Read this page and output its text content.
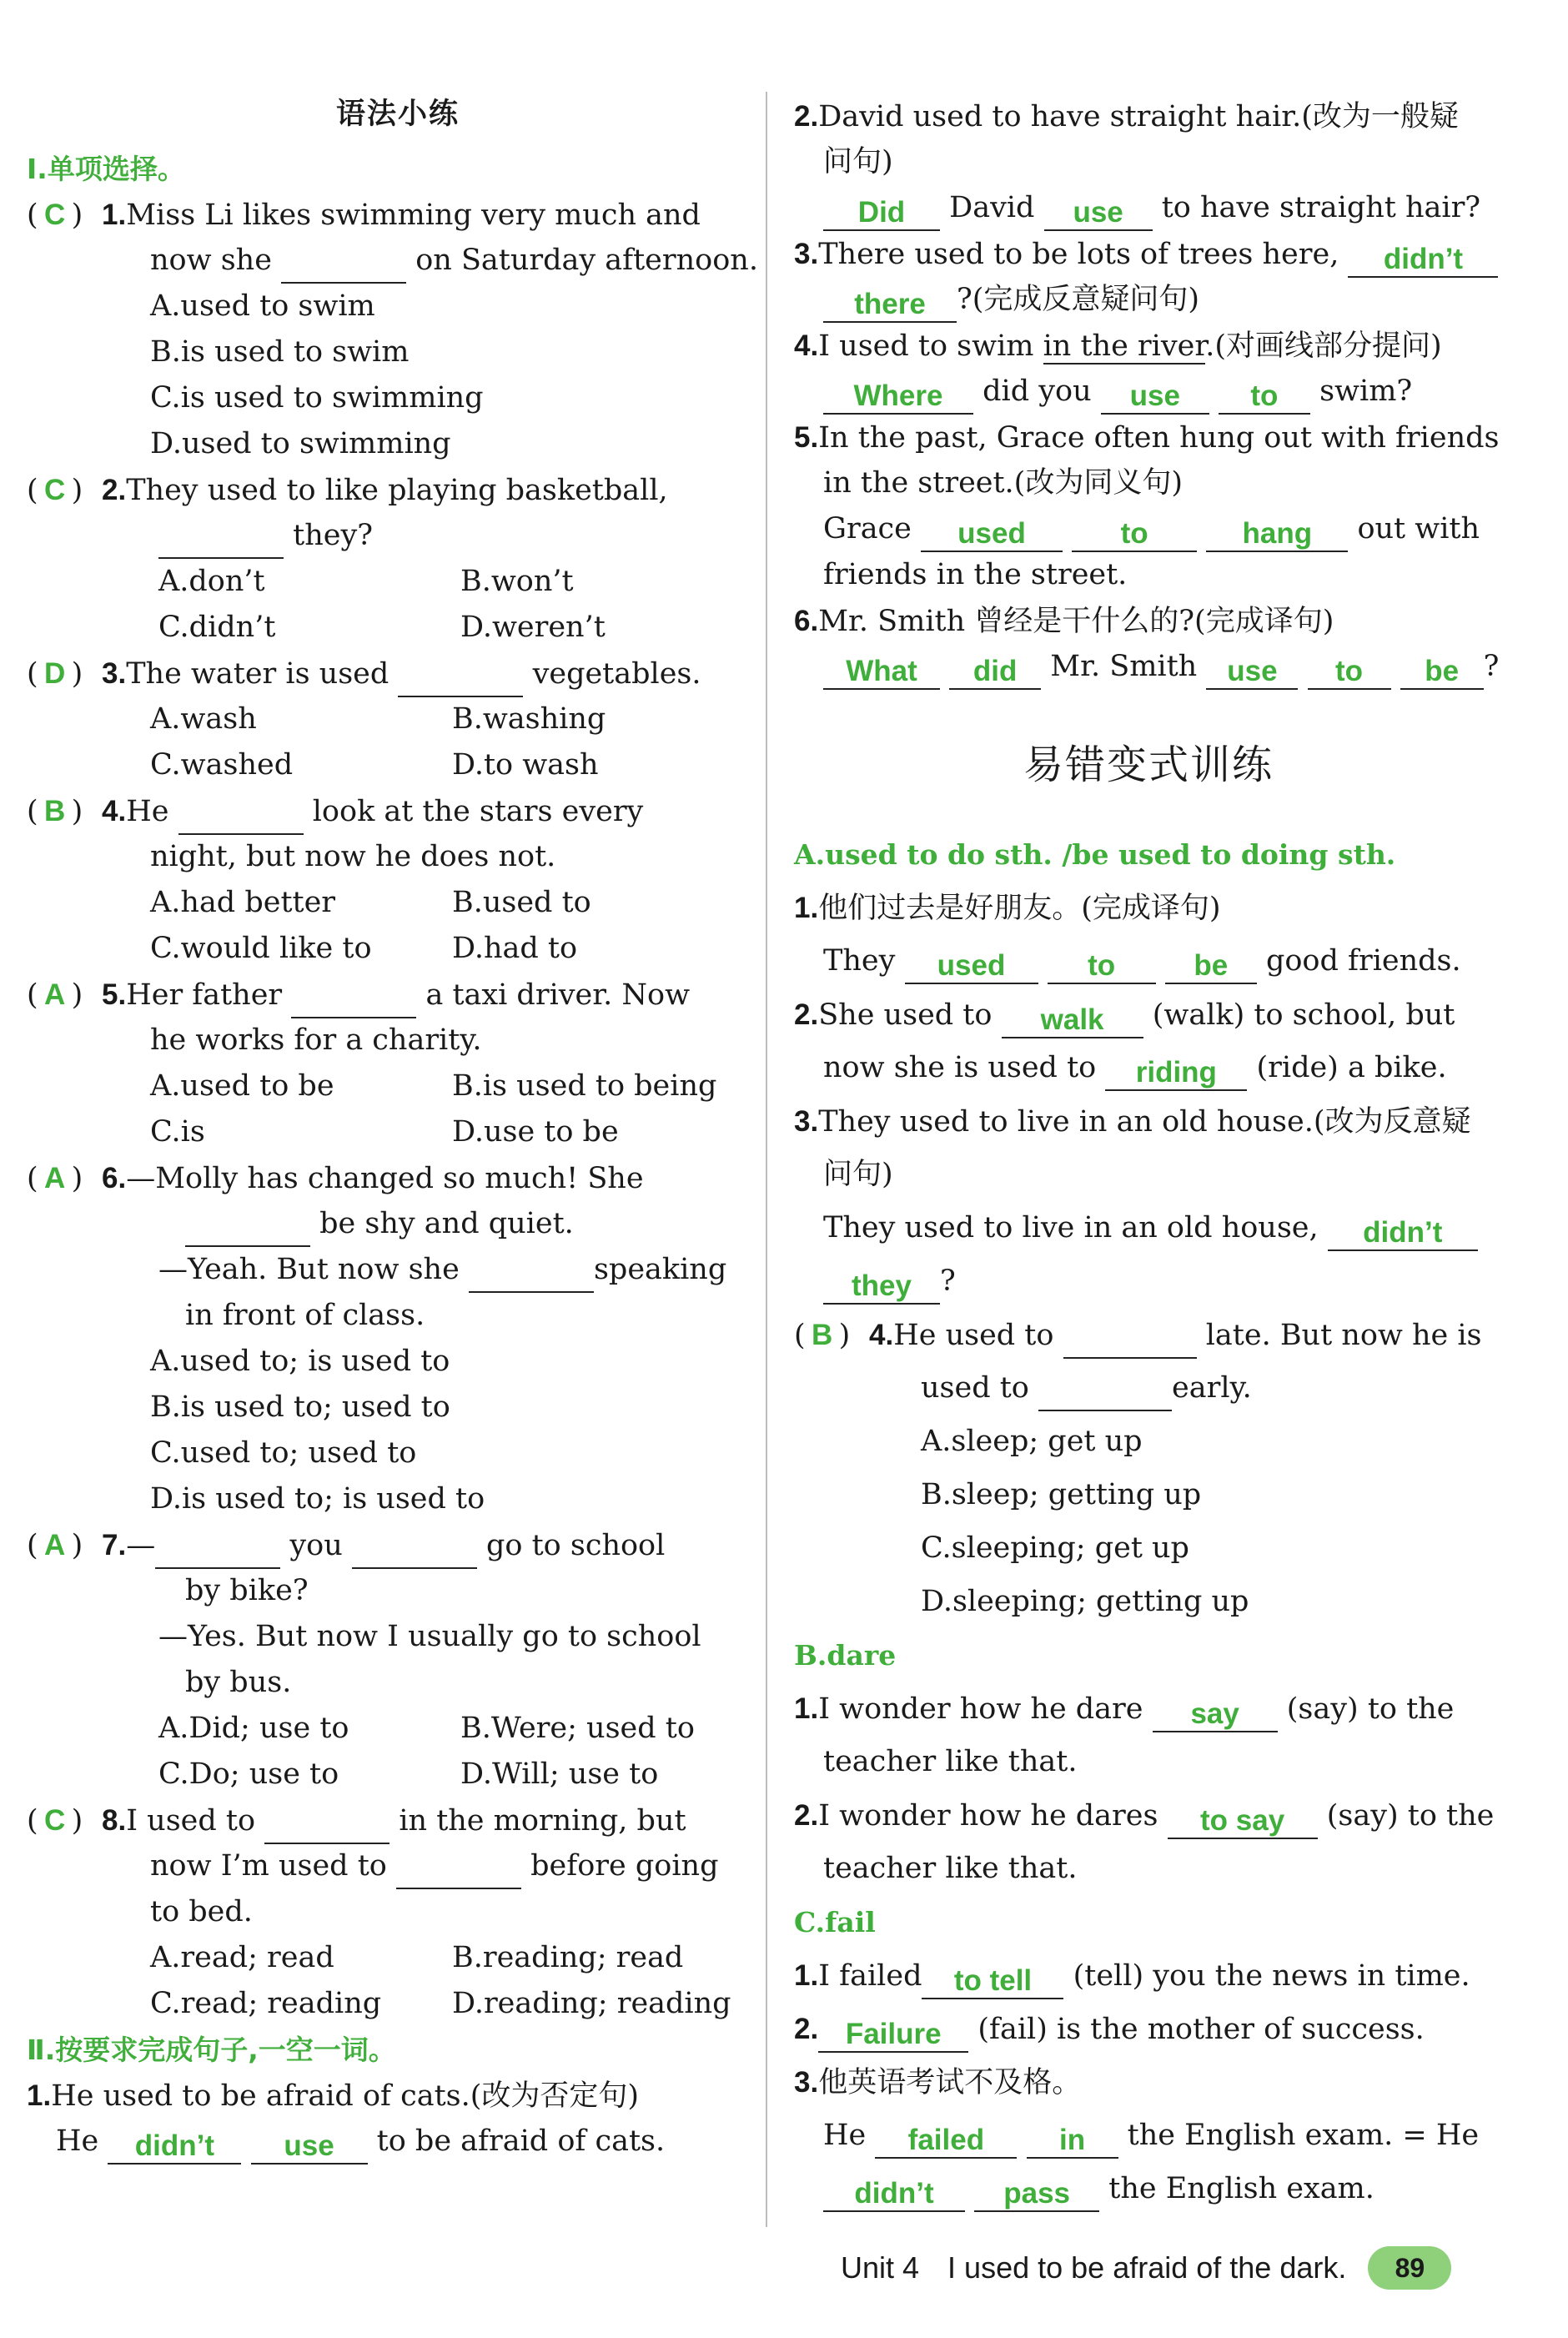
语法小练
Ⅰ.单项选择。
( C ) 1.Miss Li likes swimming very much and
now she	on Saturday afternoon.
A.used to swim
B.is used to swim
C.is used to swimming
D.used to swimming
( C ) 2.They used to like playing basketball,
they?
A.don’t	B.won’t
C.didn’t	D.weren’t
( D ) 3.The water is used	vegetables.
A.wash	B.washing
C.washed	D.to wash
( B ) 4.He	look at the stars every
night, but now he does not.
A.had better	B.used to
C.would like to	D.had to
( A ) 5.Her father	a taxi driver. Now
he works for a charity.
A.used to be	B.is used to being
C.is	D.use to be
( A ) 6.—Molly has changed so much! She
be shy and quiet.
—Yeah. But now she	speaking
in front of class.
A.used to; is used to
B.is used to; used to
C.used to; used to
D.is used to; is used to
( A ) 7.—	you	go to school
by bike?
—Yes. But now I usually go to school
by bus.
A.Did; use to	B.Were; used to
C.Do; use to	D.Will; use to
( C ) 8.I used to	in the morning, but
now I’m used to	before going
to bed.
A.read; read	B.reading; read
C.read; reading	D.reading; reading
Ⅱ.按要求完成句子,一空一词。
1.He used to be afraid of cats.(改为否定句)
He didn’t use to be afraid of cats.
2.David used to have straight hair.(改为一般疑
问句)
Did David use to have straight hair?
3.There used to be lots of trees here, didn’t
there ?(完成反意疑问句)
4.I used to swim in the river.(对画线部分提问)
Where did you use to swim?
5.In the past, Grace often hung out with friends
in the street.(改为同义句)
Grace used	to	hang out with
friends in the street.
6.Mr. Smith 曾经是干什么的?(完成译句)
What did Mr. Smith use to be ?
易错变式训练
A.used to do sth. /be used to doing sth.
1.他们过去是好朋友。(完成译句)
They used	to	be good friends.
2.She used to walk (walk) to school, but
now she is used to riding (ride) a bike.
3.They used to live in an old house.(改为反意疑
问句)
They used to live in an old house, didn’t
they ?
( B ) 4.He used to	late. But now he is
used to	early.
A.sleep; get up
B.sleep; getting up
C.sleeping; get up
D.sleeping; getting up
B.dare
1.I wonder how he dare say (say) to the
teacher like that.
2.I wonder how he dares to say (say) to the
teacher like that.
C.fail
1.I failed to tell (tell) you the news in time.
2. Failure (fail) is the mother of success.
3.他英语考试不及格。
He failed	in the English exam. = He
didn’t pass the English exam.
Unit 4 I used to be afraid of the dark.	89
